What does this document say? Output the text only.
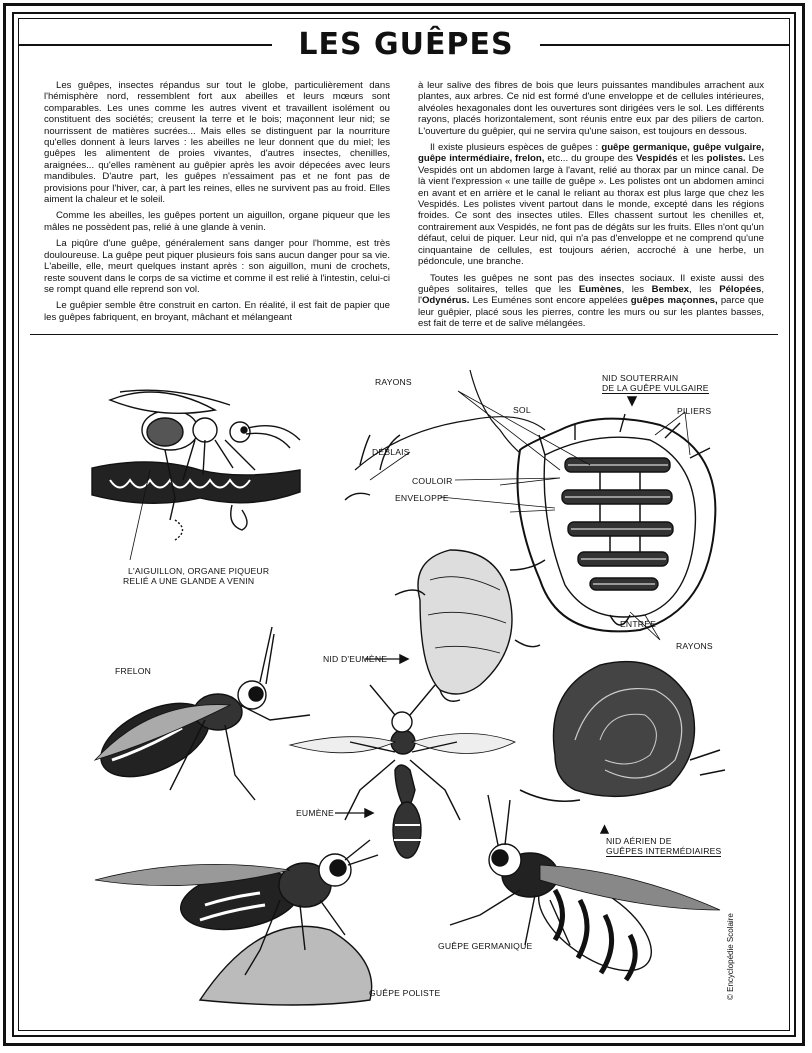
LES GUÊPES

Les guêpes, insectes répandus sur tout le globe, particulièrement dans l'hémisphère nord, ressemblent fort aux abeilles et leurs mœurs sont comparables. Les unes comme les autres vivent et travaillent isolément ou constituent des sociétés; creusent la terre et le bois; maçonnent leur nid; se nourrissent de matières sucrées... Mais elles se distinguent par la nourriture qu'elles donnent à leurs larves : les abeilles ne leur donnent que du miel; les guêpes les alimentent de proies vivantes, d'autres insectes, chenilles, araignées... qu'elles ramènent au guêpier après les avoir dépecées avec leurs mandibules. D'autre part, les guêpes n'essaiment pas et ne font pas de provisions pour l'hiver, car, à part les reines, elles ne survivent pas au froid. Elles aiment la chaleur et le soleil.

Comme les abeilles, les guêpes portent un aiguillon, organe piqueur que les mâles ne possèdent pas, relié à une glande à venin.

La piqûre d'une guêpe, généralement sans danger pour l'homme, est très douloureuse. La guêpe peut piquer plusieurs fois sans aucun danger pour sa vie. L'abeille, elle, meurt quelques instant après : son aiguillon, muni de crochets, reste souvent dans le corps de sa victime et comme il est relié à l'intestin, celui-ci se rompt quand elle reprend son vol.

Le guêpier semble être construit en carton. En réalité, il est fait de papier que les guêpes fabriquent, en broyant, mâchant et mélangeant

à leur salive des fibres de bois que leurs puissantes mandibules arrachent aux plantes, aux arbres. Ce nid est formé d'une enveloppe et de cellules intérieures, alvéoles hexagonales dont les ouvertures sont dirigées vers le sol. Les différents rayons, placés horizontalement, sont réunis entre eux par des piliers de carton. L'ouverture du guêpier, qui ne servira qu'une saison, est toujours en dessous.

Il existe plusieurs espèces de guêpes : guêpe germanique, guêpe vulgaire, guêpe intermédiaire, frelon, etc... du groupe des Vespidés et les polistes. Les Vespidés ont un abdomen large à l'avant, relié au thorax par un mince canal. De là vient l'expression « une taille de guêpe ». Les polistes ont un abdomen aminci en avant et en arrière et le canal le reliant au thorax est plus large que chez les Vespidés. Les polistes vivent partout dans le monde, excepté dans les régions froides. Ce sont des insectes utiles. Elles chassent surtout les chenilles et, contrairement aux Vespidés, ne font pas de dégâts sur les fruits. Elles n'ont qu'un défaut, celui de piquer. Leur nid, qui n'a pas d'enveloppe et ne comprend qu'une cinquantaine de cellules, est toujours aérien, accroché à une herbe, un pédoncule, une branche.

Toutes les guêpes ne sont pas des insectes sociaux. Il existe aussi des guêpes solitaires, telles que les Eumènes, les Bembex, les Pélopées, l'Odynérus. Les Euménes sont encore appelées guêpes maçonnes, parce que leur guêpier, placé sous les pierres, contre les murs ou sur les plantes basses, est fait de terre et de salive mélangées.

L'AIGUILLON, ORGANE PIQUEUR
RELIÉ A UNE GLANDE A VENIN
RAYONS
SOL
DÉBLAIS
COULOIR
ENVELOPPE
NID SOUTERRAIN
DE LA GUÊPE VULGAIRE
PILIERS
ENTRÉE
RAYONS
FRELON
NID D'EUMÈNE
EUMÈNE
NID AÉRIEN DE
GUÊPES INTERMÉDIAIRES
GUÊPE GERMANIQUE
GUÊPE POLISTE	© Encyclopédie Scolaire
